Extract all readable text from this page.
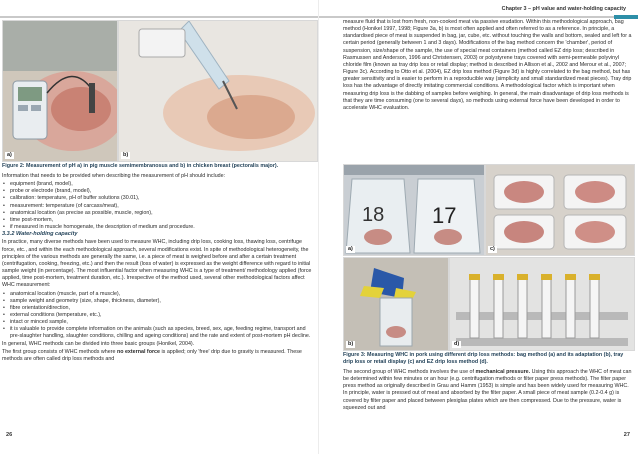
a)	b)

Figure 2: Measurement of pH a) in pig muscle semimembranosus and b) in chicken breast (pectoralis major).

Information that needs to be provided when describing the measurement of pH should include:

• equipment (brand, model),
• probe or electrode (brand, model),
• calibration: temperature, pH of buffer solutions (30.01),
• measurement: temperature (of carcass/meat),
• anatomical location (as precise as possible, muscle, region),
• time post-mortem,
• if measured in muscle homogenate, the description of medium and procedure.

3.3.2 Water-holding capacity

In practice, many diverse methods have been used to measure WHC, including drip loss, cooking loss, thawing loss, centrifuge force, etc., and within the each methodological approach, several modifications exist. In spite of methodological heterogeneity, the principles of the various methods are generally the same, i.e. a piece of meat is weighed before and after a certain treatment (centrifugation, cooking, freezing, etc.) and then the result (loss of water) is expressed as the weight difference with regard to initial sample weight (in percentage). The most influential factor when measuring WHC is a type of treatment/ methodology applied (force applied, time post-mortem, treatment duration, etc.). Irrespective of the method used, several other methodological factors affect WHC measurement:

• anatomical location (muscle, part of a muscle),
• sample weight and geometry (size, shape, thickness, diameter),
• fibre orientation/direction,
• external conditions (temperature, etc.),
• intact or minced sample,
• it is valuable to provide complete information on the animals (such as species, breed, sex, age, feeding regime, transport and pre-slaughter handling, slaughter conditions, chilling and ageing conditions) and the rate and extent of post-mortem pH decline.

In general, WHC methods can be divided into three basic groups (Honikel, 2004).

The first group consists of WHC methods where no external force is applied; only 'free' drip due to gravity is measured. These methods are often called drip loss methods and

26
Chapter 3 – pH value and water-holding capacity

measure fluid that is lost from fresh, non-cooked meat via passive exudation. Within this methodological approach, bag method (Honikel 1997, 1998; Figure 3a, b) is most often applied and often referred to as a reference. In principle, a standardised piece of meat is suspended in bag, jar, cube, etc. without touching the walls and bottom, sealed and left for a certain period (generally between 1 and 3 days). Modifications of the bag method concern the 'chamber', period of suspension, size/shape of the sample, the use of special meat containers (method called EZ drip loss; described in Rasmussen and Anderson, 1996 and Christensen, 2003) or polystyrene trays covered with semi-permeable polyvinyl chloride film (known as tray drip loss or retail display; method is described in Allison et al., 2002 and Merour et al., 2007; Figure 3c). According to Otto et al. (2004), EZ drip loss method (Figure 3d) is highly correlated to the bag method, but has greater sensitivity and is easier to perform in a reproducible way (simplicity and small standardized meat pieces). Tray drip loss has the advantage of directly imitating commercial conditions. A methodological factor which is important when measuring drip loss is the dabbing of samples before weighing. In general, the main disadvantage of drip loss methods is that they are time consuming (one to several days), so methods using external force have been developed in order to accelerate WHC evaluation.

18 17
a)	c)
b)	d)

Figure 3: Measuring WHC in pork using different drip loss methods: bag method (a) and its adaptation (b), tray drip loss or retail display (c) and EZ drip loss method (d).

The second group of WHC methods involves the use of mechanical pressure. Using this approach the WHC of meat can be determined within few minutes or an hour (e.g. centrifugation methods or filter paper press methods). The filter paper press method as originally described in Grau and Hamm (1953) is simple and has been widely used for measuring WHC. In principle, water is pressed out of meat and absorbed by the filter paper. A small piece of meat sample (0.2-0.4 g) is covered by filter paper and placed between plexiglas plates which are then compressed. Due to the pressure, water is squeezed out and

27
